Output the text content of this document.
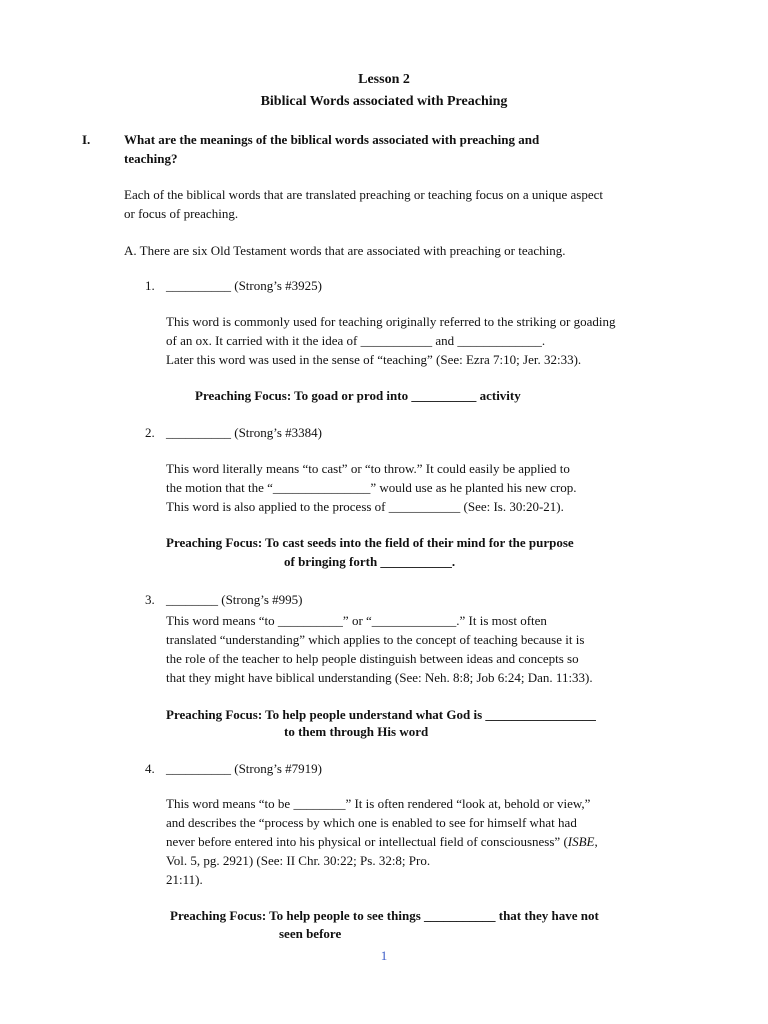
Lesson 2
Biblical Words associated with Preaching
I.	What are the meanings of the biblical words associated with preaching and
teaching?
Each of the biblical words that are translated preaching or teaching focus on a unique aspect
or focus of preaching.
A. There are six Old Testament words that are associated with preaching or teaching.
1. __________ (Strong’s #3925)
This word is commonly used for teaching originally referred to the striking or goading
of an ox. It carried with it the idea of ___________ and _____________.
Later this word was used in the sense of “teaching” (See: Ezra 7:10; Jer. 32:33).
Preaching Focus: To goad or prod into __________ activity
2. __________ (Strong’s #3384)
This word literally means “to cast” or “to throw.” It could easily be applied to
the motion that the “_______________” would use as he planted his new crop.
This word is also applied to the process of ___________ (See: Is. 30:20-21).
Preaching Focus: To cast seeds into the field of their mind for the purpose
of bringing forth ___________.
3. ________ (Strong’s #995)
This word means “to __________” or “_____________.” It is most often
translated “understanding” which applies to the concept of teaching because it is
the role of the teacher to help people distinguish between ideas and concepts so
that they might have biblical understanding (See: Neh. 8:8; Job 6:24; Dan. 11:33).
Preaching Focus: To help people understand what God is _________________
to them through His word
4. __________ (Strong’s #7919)
This word means “to be ________” It is often rendered “look at, behold or view,”
and describes the “process by which one is enabled to see for himself what had
never before entered into his physical or intellectual field of consciousness” (ISBE,
Vol. 5, pg. 2921) (See: II Chr. 30:22; Ps. 32:8; Pro.
21:11).
Preaching Focus: To help people to see things ___________ that they have not
seen before
1
